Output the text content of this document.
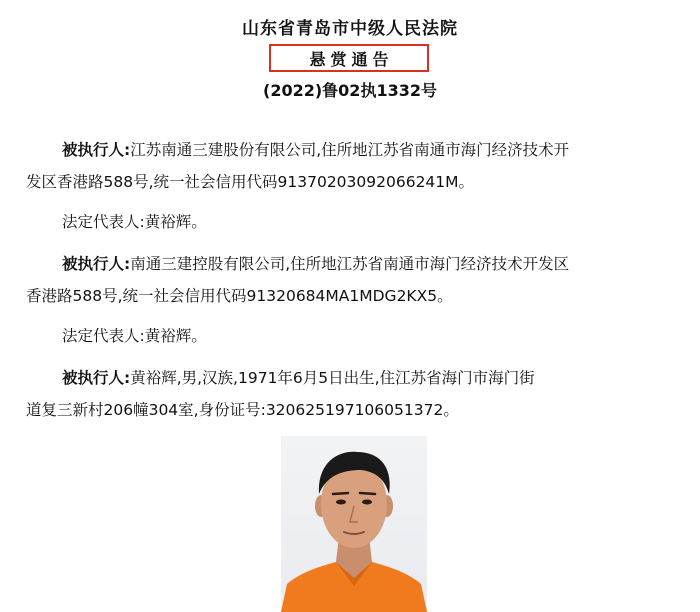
山东省青岛市中级人民法院
悬赏通告
(2022)鲁02执1332号
被执行人:江苏南通三建股份有限公司,住所地江苏省南通市海门经济技术开
发区香港路588号,统一社会信用代码91370203092066241M。
法定代表人:黄裕辉。
被执行人:南通三建控股有限公司,住所地江苏省南通市海门经济技术开发区
香港路588号,统一社会信用代码91320684MA1MDG2KX5。
法定代表人:黄裕辉。
被执行人:黄裕辉,男,汉族,1971年6月5日出生,住江苏省海门市海门街
道复三新村206幢304室,身份证号:320625197106051372。
